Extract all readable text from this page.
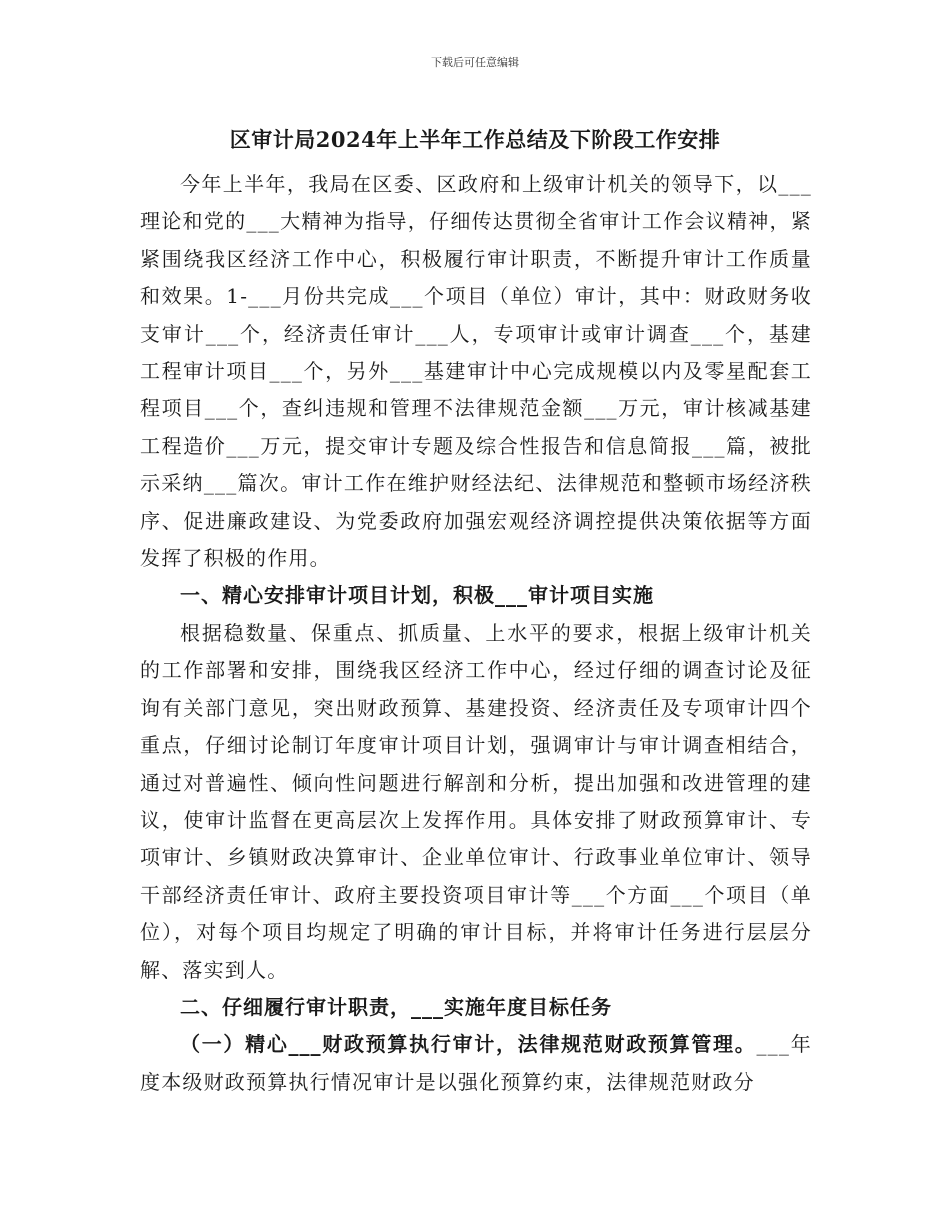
下载后可任意编辑
区审计局2024年上半年工作总结及下阶段工作安排

今年上半年，我局在区委、区政府和上级审计机关的领导下，以___理论和党的___大精神为指导，仔细传达贯彻全省审计工作会议精神，紧紧围绕我区经济工作中心，积极履行审计职责，不断提升审计工作质量和效果。1-___月份共完成___个项目（单位）审计，其中：财政财务收支审计___个，经济责任审计___人，专项审计或审计调查___个，基建工程审计项目___个，另外___基建审计中心完成规模以内及零星配套工程项目___个，查纠违规和管理不法律规范金额___万元，审计核减基建工程造价___万元，提交审计专题及综合性报告和信息简报___篇，被批示采纳___篇次。审计工作在维护财经法纪、法律规范和整顿市场经济秩序、促进廉政建设、为党委政府加强宏观经济调控提供决策依据等方面发挥了积极的作用。

一、精心安排审计项目计划，积极___审计项目实施

根据稳数量、保重点、抓质量、上水平的要求，根据上级审计机关的工作部署和安排，围绕我区经济工作中心，经过仔细的调查讨论及征询有关部门意见，突出财政预算、基建投资、经济责任及专项审计四个重点，仔细讨论制订年度审计项目计划，强调审计与审计调查相结合，通过对普遍性、倾向性问题进行解剖和分析，提出加强和改进管理的建议，使审计监督在更高层次上发挥作用。具体安排了财政预算审计、专项审计、乡镇财政决算审计、企业单位审计、行政事业单位审计、领导干部经济责任审计、政府主要投资项目审计等___个方面___个项目（单位），对每个项目均规定了明确的审计目标，并将审计任务进行层层分解、落实到人。

二、仔细履行审计职责，___实施年度目标任务

（一）精心___财政预算执行审计，法律规范财政预算管理。___年度本级财政预算执行情况审计是以强化预算约束，法律规范财政分
